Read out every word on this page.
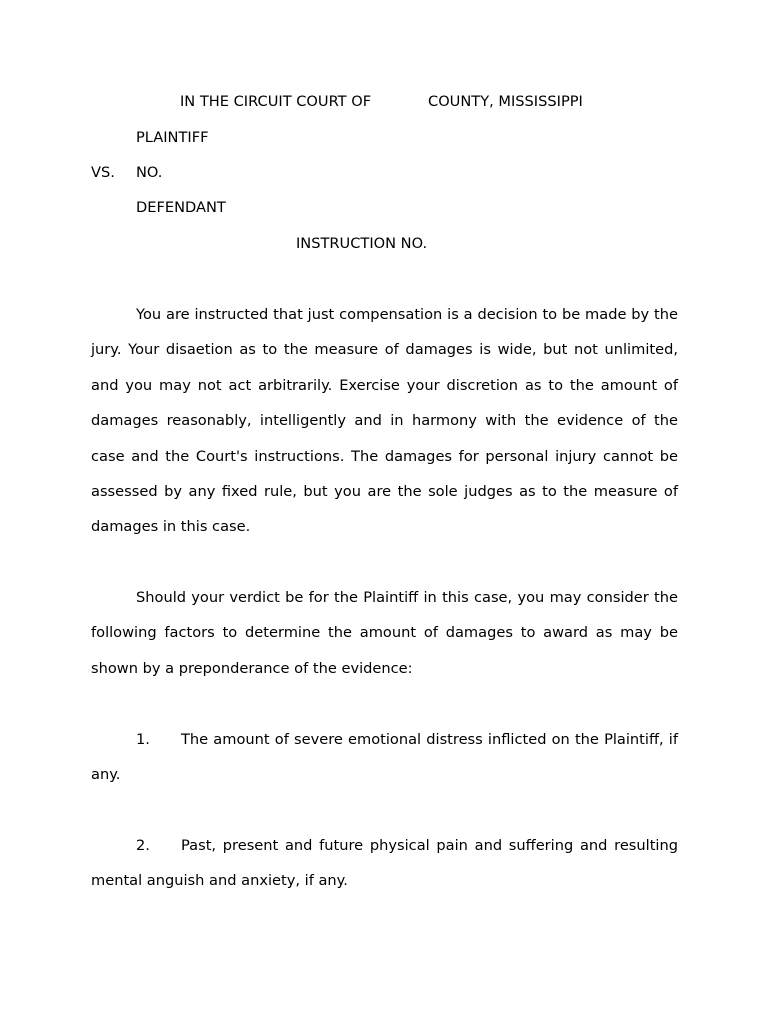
IN THE CIRCUIT COURT OF	COUNTY, MISSISSIPPI
PLAINTIFF
VS. NO.
DEFENDANT
INSTRUCTION NO.

You are instructed that just compensation is a decision to be made by the jury. Your disaetion as to the measure of damages is wide, but not unlimited, and you may not act arbitrarily. Exercise your discretion as to the amount of damages reasonably, intelligently and in harmony with the evidence of the case and the Court's instructions. The damages for personal injury cannot be assessed by any fixed rule, but you are the sole judges as to the measure of damages in this case.

Should your verdict be for the Plaintiff in this case, you may consider the following factors to determine the amount of damages to award as may be shown by a preponderance of the evidence:

1. The amount of severe emotional distress inflicted on the Plaintiff, if any.

2. Past, present and future physical pain and suffering and resulting mental anguish and anxiety, if any.
